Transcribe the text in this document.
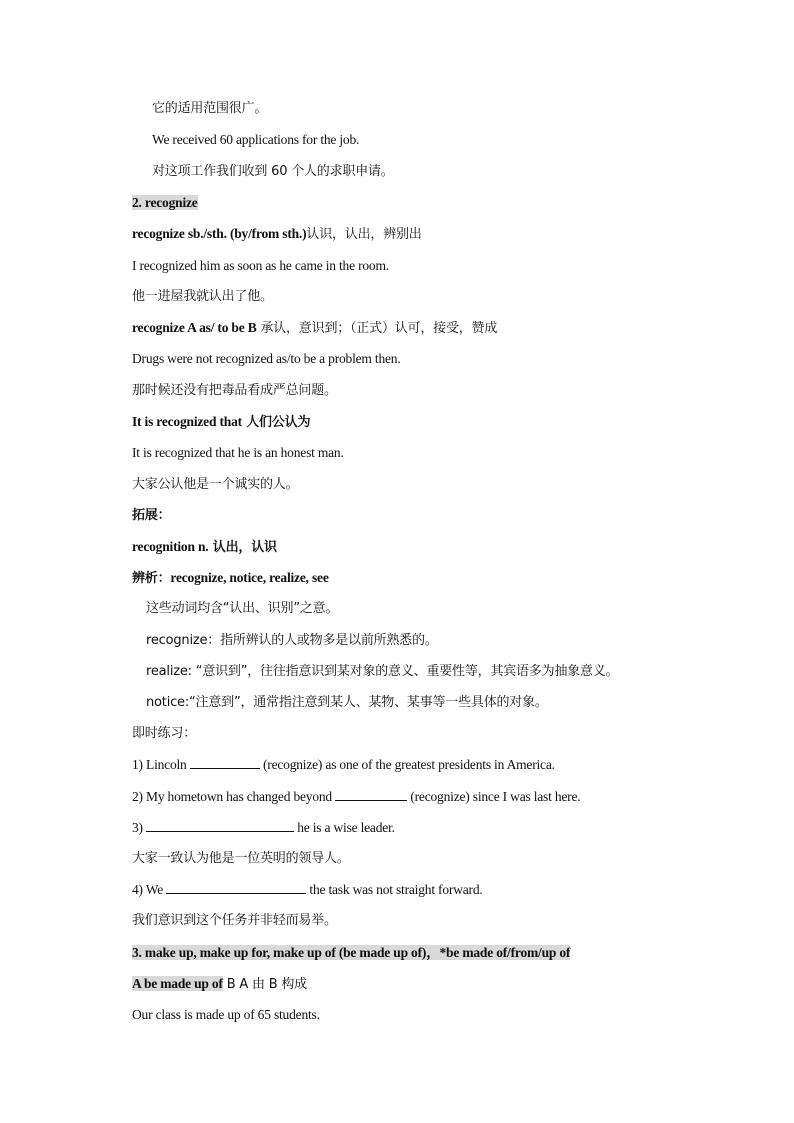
它的适用范围很广。
We received 60 applications for the job.
对这项工作我们收到 60 个人的求职申请。
2. recognize
recognize sb./sth. (by/from sth.)认识，认出，辨别出
I recognized him as soon as he came in the room.
他一进屋我就认出了他。
recognize A as/ to be B 承认，意识到；（正式）认可，接受，赞成
Drugs were not recognized as/to be a problem then.
那时候还没有把毒品看成严总问题。
It is recognized that 人们公认为
It is recognized that he is an honest man.
大家公认他是一个诚实的人。
拓展：
recognition n. 认出，认识
辨析：recognize, notice, realize, see
这些动词均含“认出、识别”之意。
recognize：指所辨认的人或物多是以前所熟悉的。
realize: “意识到”，往往指意识到某对象的意义、重要性等，其宾语多为抽象意义。
notice:“注意到”，通常指注意到某人、某物、某事等一些具体的对象。
即时练习：
1) Lincoln	(recognize) as one of the greatest presidents in America.
2) My hometown has changed beyond	(recognize) since I was last here.
3)	he is a wise leader.
大家一致认为他是一位英明的领导人。
4) We	the task was not straight forward.
我们意识到这个任务并非轻而易举。
3. make up, make up for, make up of (be made up of)，*be made of/from/up of
A be made up of B A 由 B 构成
Our class is made up of 65 students.
